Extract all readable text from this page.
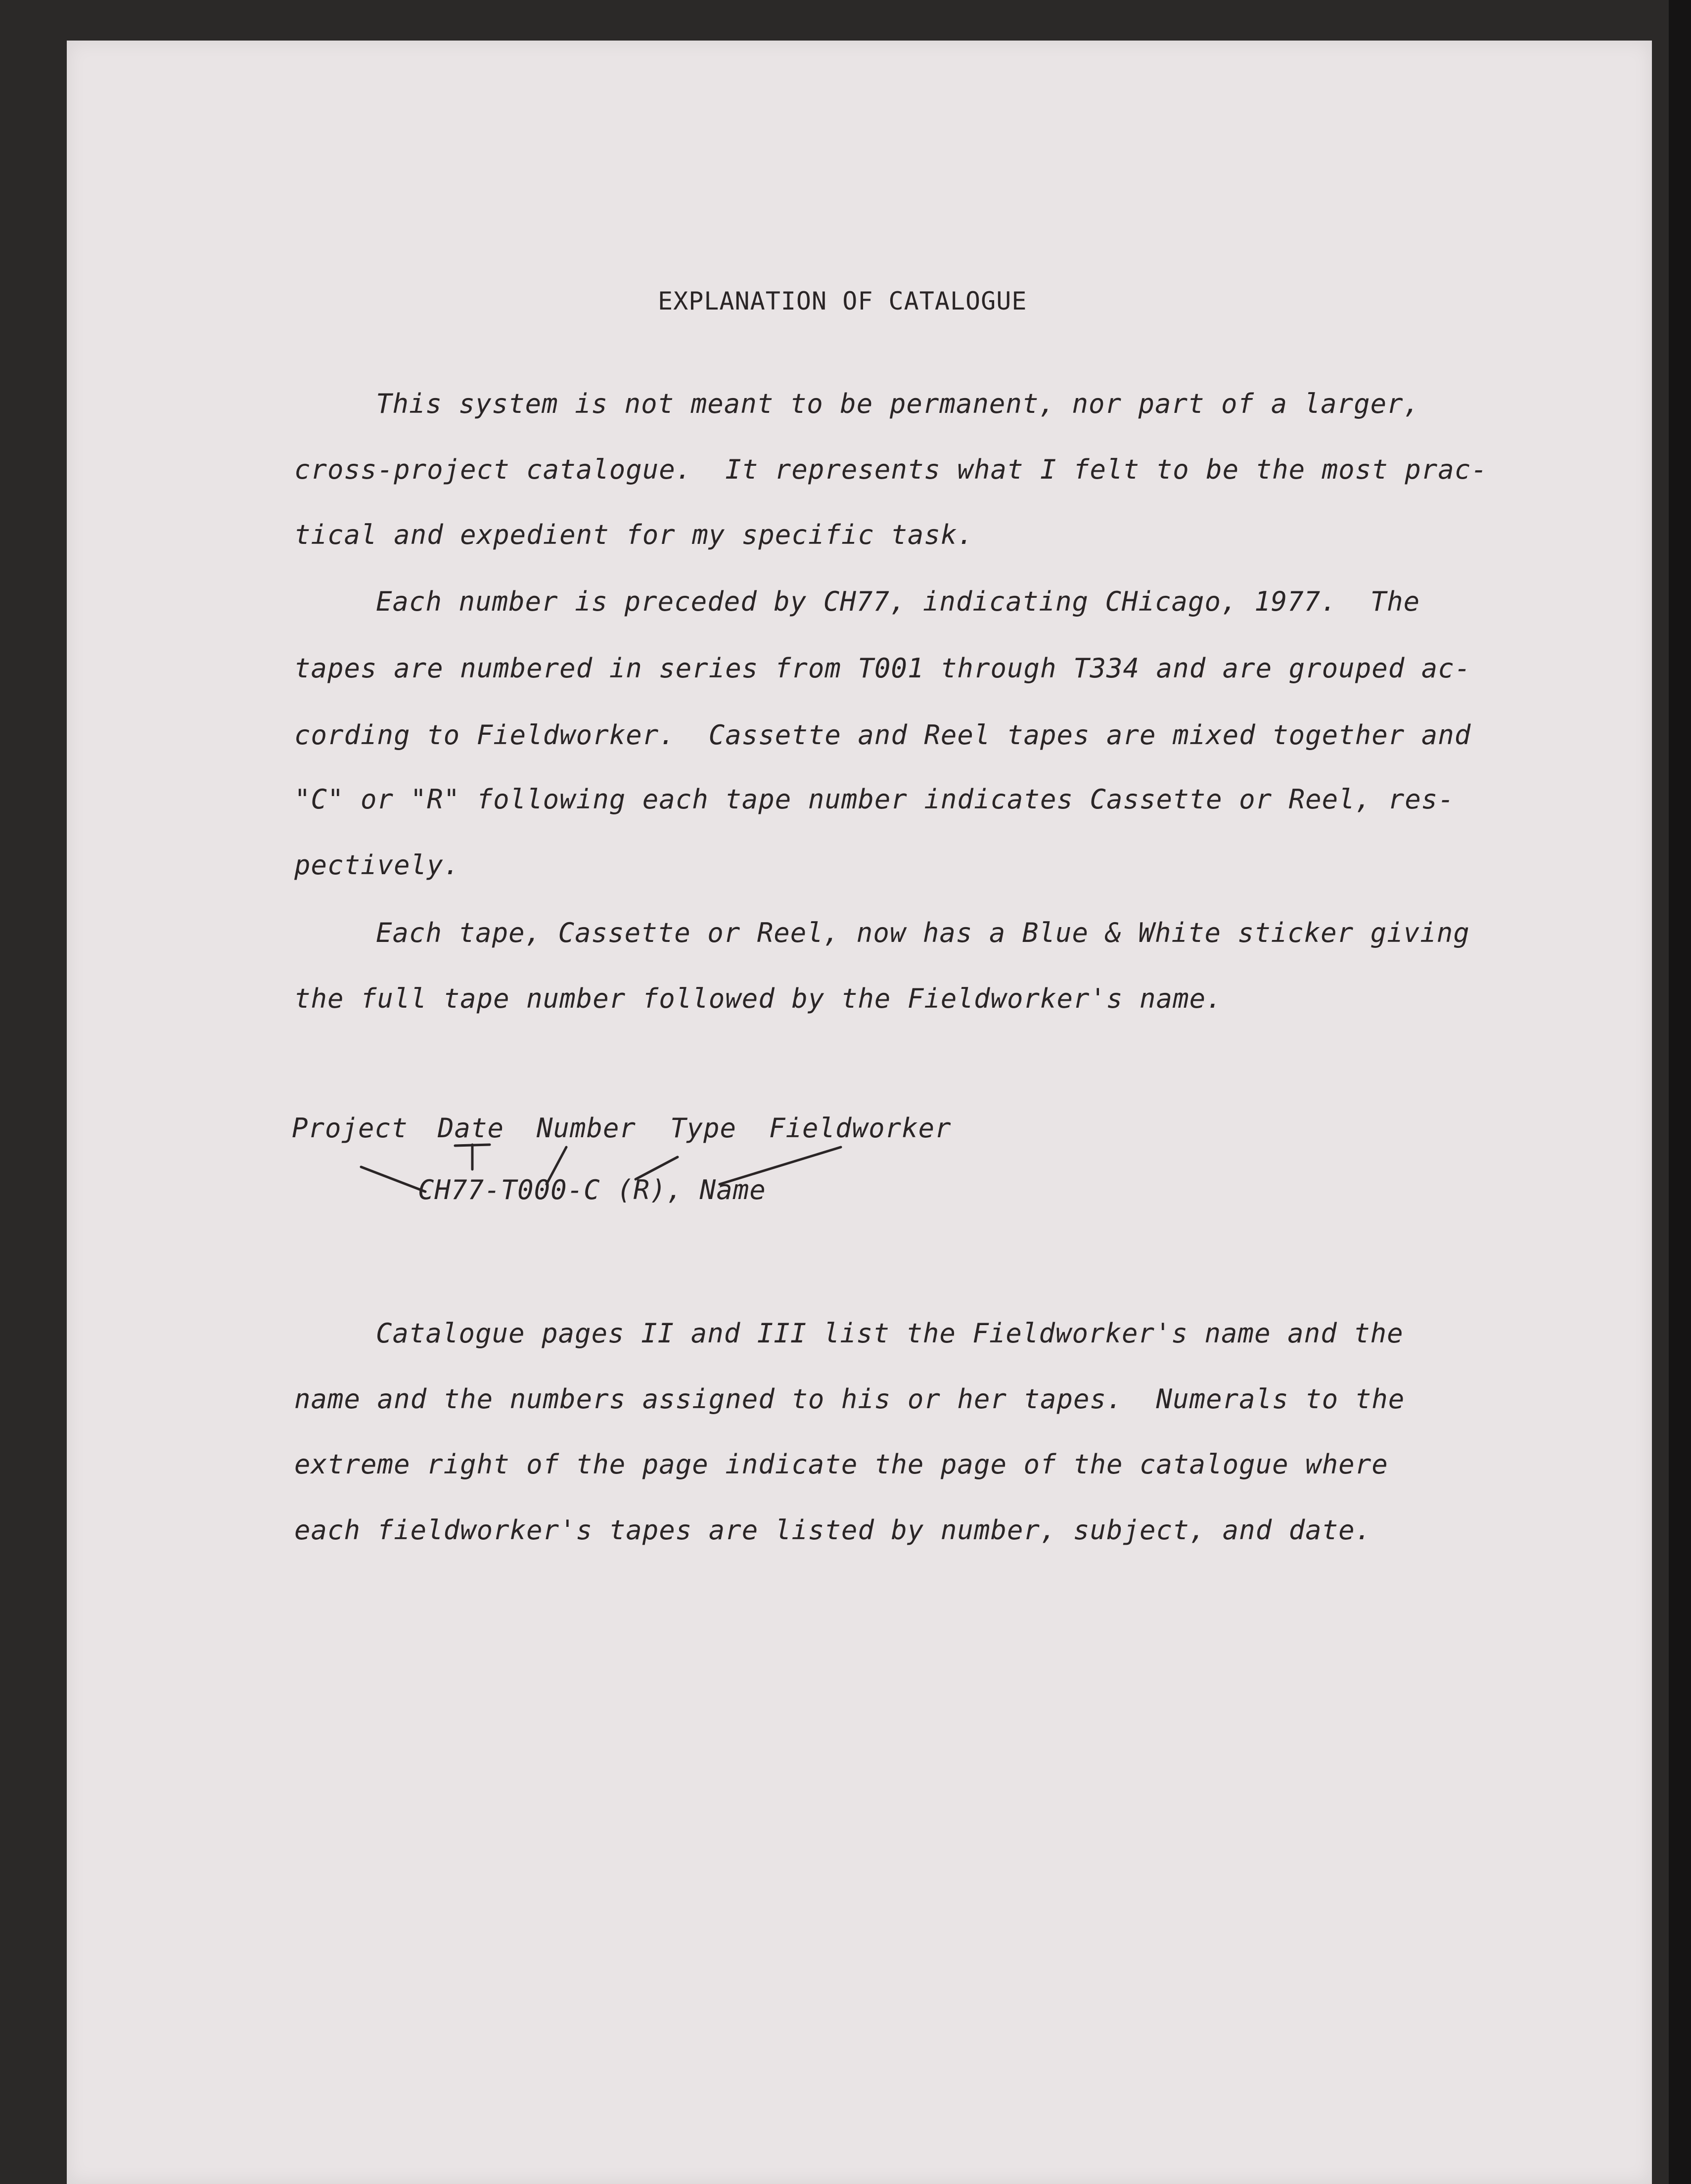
EXPLANATION OF CATALOGUE
This system is not meant to be permanent, nor part of a larger,
cross-project catalogue.  It represents what I felt to be the most prac-
tical and expedient for my specific task.
Each number is preceded by CH77, indicating CHicago, 1977.  The
tapes are numbered in series from T001 through T334 and are grouped ac-
cording to Fieldworker.  Cassette and Reel tapes are mixed together and
"C" or "R" following each tape number indicates Cassette or Reel, res-
pectively.
Each tape, Cassette or Reel, now has a Blue & White sticker giving
the full tape number followed by the Fieldworker's name.
Project Date Number Type Fieldworker
CH77-T000-C (R), Name
Catalogue pages II and III list the Fieldworker's name and the
name and the numbers assigned to his or her tapes.  Numerals to the
extreme right of the page indicate the page of the catalogue where
each fieldworker's tapes are listed by number, subject, and date.
